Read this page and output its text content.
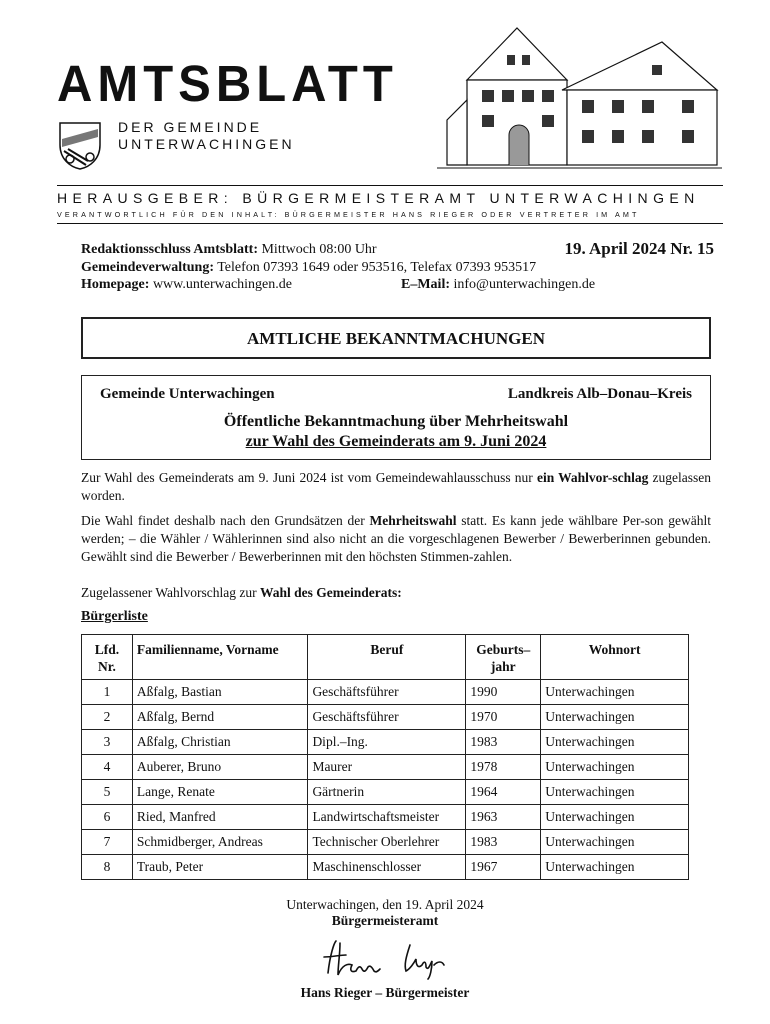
AMTSBLATT
DER GEMEINDE
UNTERWACHINGEN
HERAUSGEBER: BÜRGERMEISTERAMT UNTERWACHINGEN
VERANTWORTLICH FÜR DEN INHALT: BÜRGERMEISTER HANS RIEGER ODER VERTRETER IM AMT
Redaktionsschluss Amtsblatt: Mittwoch 08:00 Uhr	19. April 2024 Nr. 15
Gemeindeverwaltung: Telefon 07393 1649 oder 953516, Telefax 07393 953517
Homepage: www.unterwachingen.de	E–Mail: info@unterwachingen.de
AMTLICHE BEKANNTMACHUNGEN
Gemeinde Unterwachingen	Landkreis Alb–Donau–Kreis
Öffentliche Bekanntmachung über Mehrheitswahl
zur Wahl des Gemeinderats am 9. Juni 2024
Zur Wahl des Gemeinderats am 9. Juni 2024 ist vom Gemeindewahlausschuss nur ein Wahlvor-schlag zugelassen worden.
Die Wahl findet deshalb nach den Grundsätzen der Mehrheitswahl statt. Es kann jede wählbare Per-son gewählt werden; – die Wähler / Wählerinnen sind also nicht an die vorgeschlagenen Bewerber / Bewerberinnen gebunden. Gewählt sind die Bewerber / Bewerberinnen mit den höchsten Stimmen-zahlen.
Zugelassener Wahlvorschlag zur Wahl des Gemeinderats:
Bürgerliste
Lfd. Nr.	Familienname, Vorname	Beruf	Geburts– jahr	Wohnort
1	Aßfalg, Bastian	Geschäftsführer	1990	Unterwachingen
2	Aßfalg, Bernd	Geschäftsführer	1970	Unterwachingen
3	Aßfalg, Christian	Dipl.–Ing.	1983	Unterwachingen
4	Auberer, Bruno	Maurer	1978	Unterwachingen
5	Lange, Renate	Gärtnerin	1964	Unterwachingen
6	Ried, Manfred	Landwirtschaftsmeister	1963	Unterwachingen
7	Schmidberger, Andreas	Technischer Oberlehrer	1983	Unterwachingen
8	Traub, Peter	Maschinenschlosser	1967	Unterwachingen
Unterwachingen, den 19. April 2024
Bürgermeisteramt
Hans Rieger – Bürgermeister
